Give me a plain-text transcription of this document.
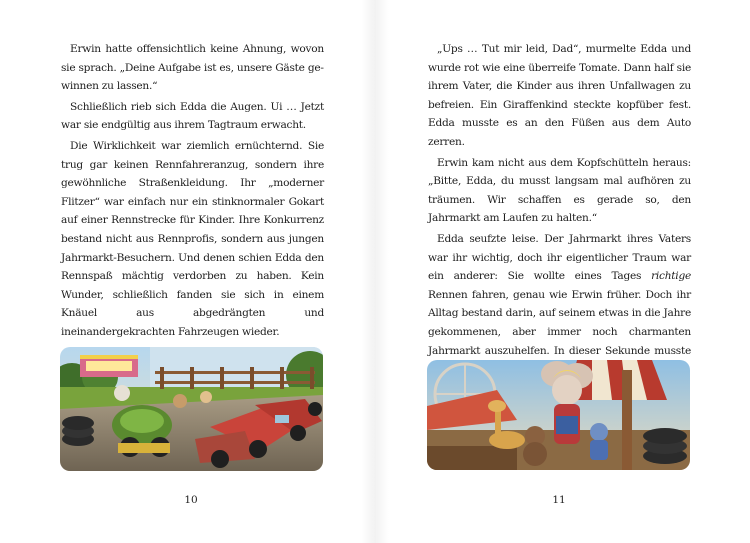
Erwin hatte offensichtlich keine Ahnung, wovon sie sprach. „Deine Aufgabe ist es, unsere Gäste gewinnen zu lassen.“

Schließlich rieb sich Edda die Augen. Ui … Jetzt war sie endgültig aus ihrem Tagtraum erwacht.

Die Wirklichkeit war ziemlich ernüchternd. Sie trug gar keinen Rennfahreranzug, sondern ihre gewöhnliche Straßenkleidung. Ihr „moderner Flitzer“ war einfach nur ein stinknormaler Gokart auf einer Rennstrecke für Kinder. Ihre Konkurrenz bestand nicht aus Rennprofis, sondern aus jungen Jahrmarkt-Besuchern. Und denen schien Edda den Rennspaß mächtig verdorben zu haben. Kein Wunder, schließlich fanden sie sich in einem Knäuel aus abgedrängten und ineinandergekrachten Fahrzeugen wieder.

10

„Ups … Tut mir leid, Dad“, murmelte Edda und wurde rot wie eine überreife Tomate. Dann half sie ihrem Vater, die Kinder aus ihren Unfallwagen zu befreien. Ein Giraffenkind steckte kopfüber fest. Edda musste es an den Füßen aus dem Auto zerren.

Erwin kam nicht aus dem Kopfschütteln heraus: „Bitte, Edda, du musst langsam mal aufhören zu träumen. Wir schaffen es gerade so, den Jahrmarkt am Laufen zu halten.“

Edda seufzte leise. Der Jahrmarkt ihres Vaters war ihr wichtig, doch ihr eigentlicher Traum war ein anderer: Sie wollte eines Tages richtige Rennen fahren, genau wie Erwin früher. Doch ihr Alltag bestand darin, auf seinem etwas in die Jahre gekommenen, aber immer noch charmanten Jahrmarkt auszuhelfen. In dieser Sekunde musste

11
